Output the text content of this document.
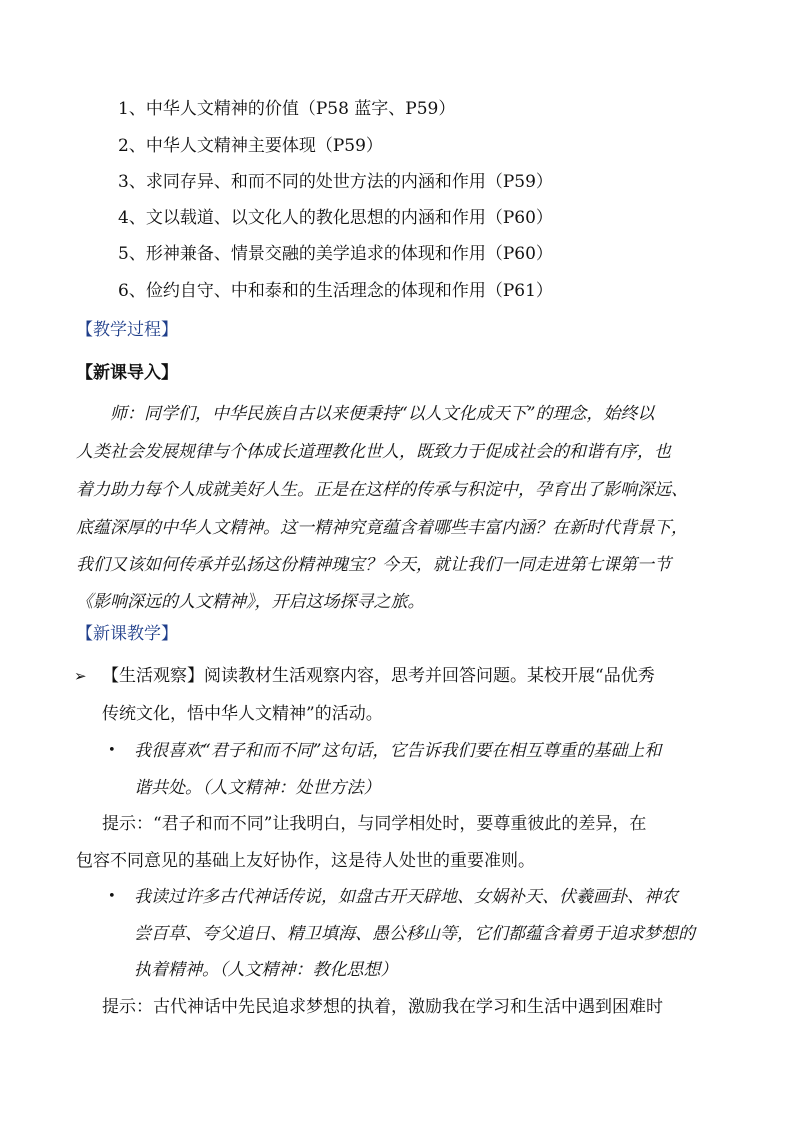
1、中华人文精神的价值（P58 蓝字、P59）
2、中华人文精神主要体现（P59）
3、求同存异、和而不同的处世方法的内涵和作用（P59）
4、文以载道、以文化人的教化思想的内涵和作用（P60）
5、形神兼备、情景交融的美学追求的体现和作用（P60）
6、俭约自守、中和泰和的生活理念的体现和作用（P61）
【教学过程】
【新课导入】
师：同学们，中华民族自古以来便秉持“以人文化成天下”的理念，始终以
人类社会发展规律与个体成长道理教化世人，既致力于促成社会的和谐有序，也
着力助力每个人成就美好人生。正是在这样的传承与积淀中，孕育出了影响深远、
底蕴深厚的中华人文精神。这一精神究竟蕴含着哪些丰富内涵？在新时代背景下，
我们又该如何传承并弘扬这份精神瑰宝？今天，就让我们一同走进第七课第一节
《影响深远的人文精神》，开启这场探寻之旅。
【新课教学】
➢ 【生活观察】阅读教材生活观察内容，思考并回答问题。某校开展“品优秀
传统文化，悟中华人文精神”的活动。
• 我很喜欢“君子和而不同”这句话，它告诉我们要在相互尊重的基础上和
谐共处。（人文精神：处世方法）
提示：“君子和而不同”让我明白，与同学相处时，要尊重彼此的差异，在
包容不同意见的基础上友好协作，这是待人处世的重要准则。
• 我读过许多古代神话传说，如盘古开天辟地、女娲补天、伏羲画卦、神农
尝百草、夸父追日、精卫填海、愚公移山等，它们都蕴含着勇于追求梦想的
执着精神。（人文精神：教化思想）
提示：古代神话中先民追求梦想的执着，激励我在学习和生活中遇到困难时
